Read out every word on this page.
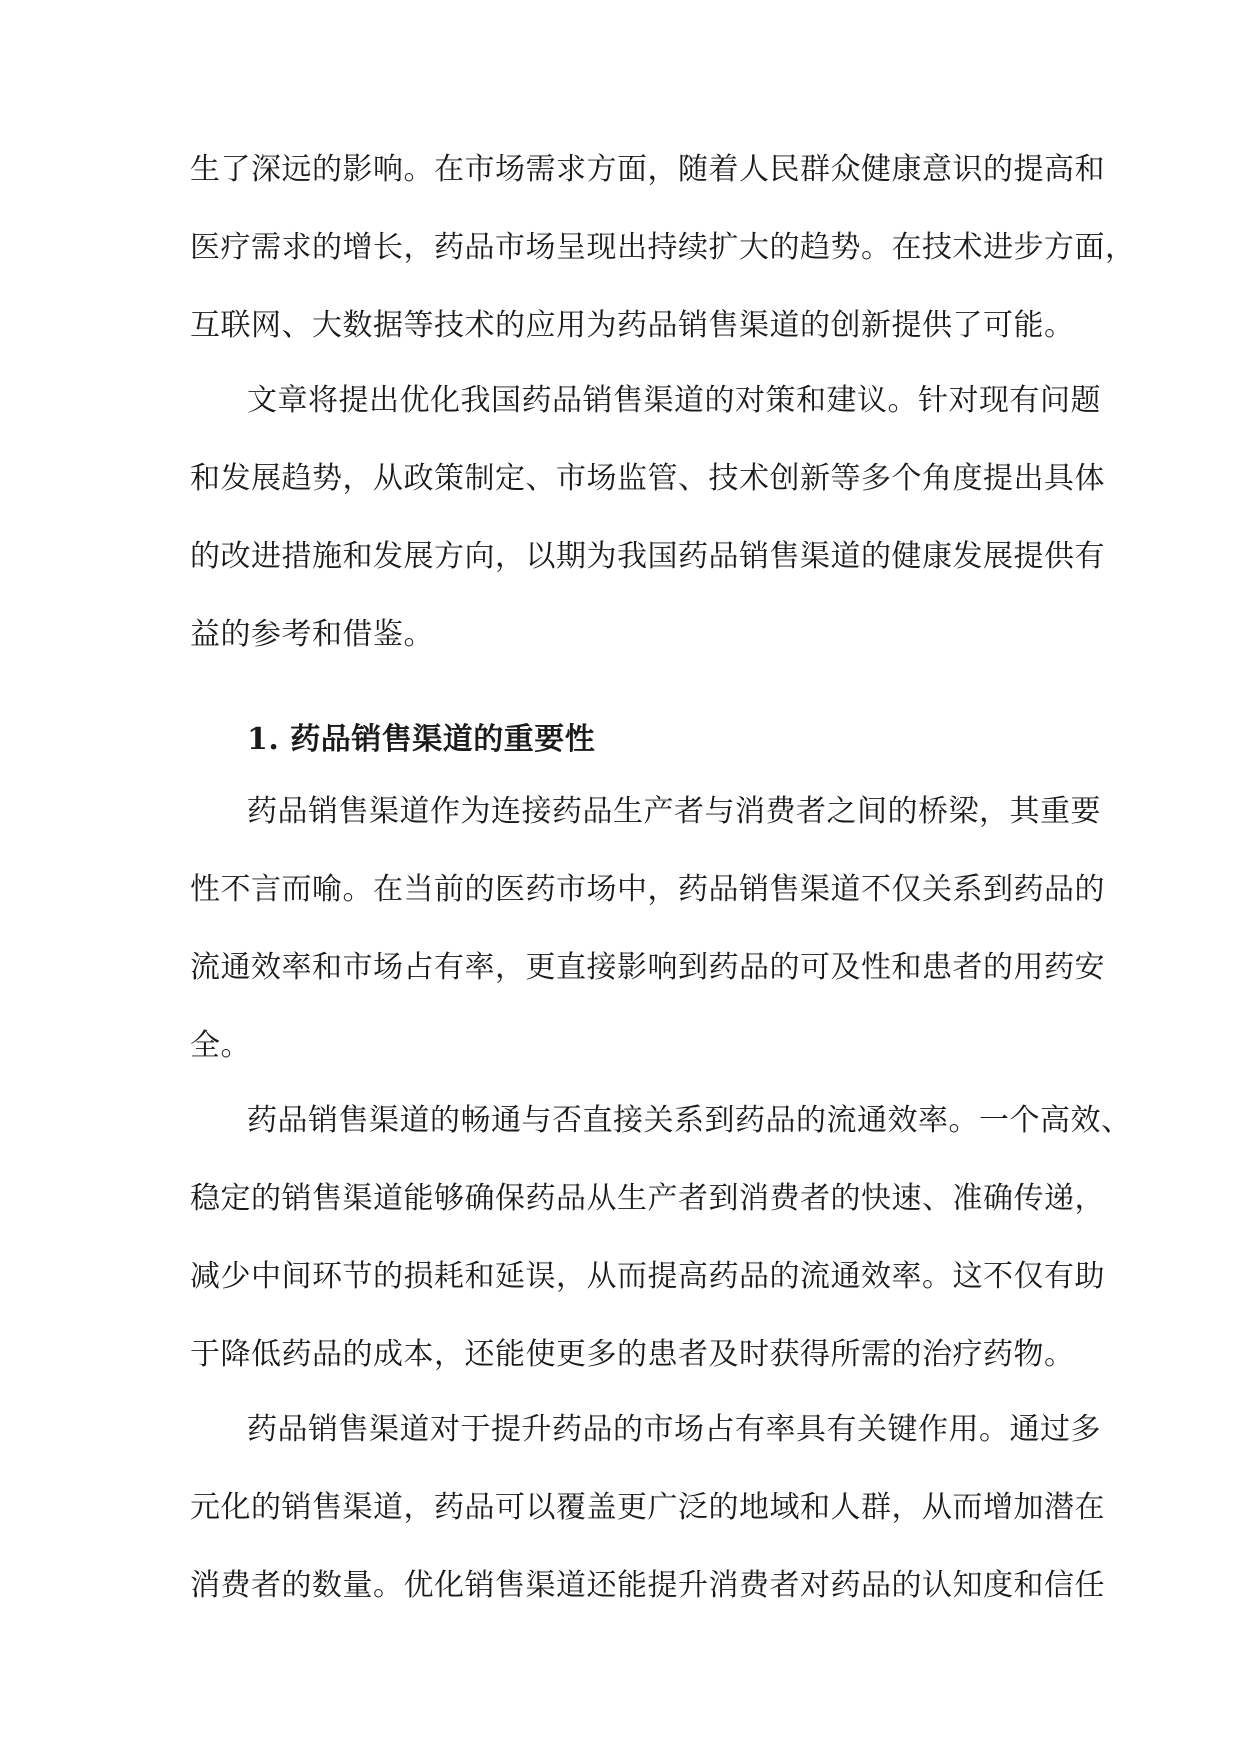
生了深远的影响。在市场需求方面，随着人民群众健康意识的提高和
医疗需求的增长，药品市场呈现出持续扩大的趋势。在技术进步方面，
互联网、大数据等技术的应用为药品销售渠道的创新提供了可能。
文章将提出优化我国药品销售渠道的对策和建议。针对现有问题
和发展趋势，从政策制定、市场监管、技术创新等多个角度提出具体
的改进措施和发展方向，以期为我国药品销售渠道的健康发展提供有
益的参考和借鉴。
1. 药品销售渠道的重要性
药品销售渠道作为连接药品生产者与消费者之间的桥梁，其重要
性不言而喻。在当前的医药市场中，药品销售渠道不仅关系到药品的
流通效率和市场占有率，更直接影响到药品的可及性和患者的用药安
全。
药品销售渠道的畅通与否直接关系到药品的流通效率。一个高效、
稳定的销售渠道能够确保药品从生产者到消费者的快速、准确传递，
减少中间环节的损耗和延误，从而提高药品的流通效率。这不仅有助
于降低药品的成本，还能使更多的患者及时获得所需的治疗药物。
药品销售渠道对于提升药品的市场占有率具有关键作用。通过多
元化的销售渠道，药品可以覆盖更广泛的地域和人群，从而增加潜在
消费者的数量。优化销售渠道还能提升消费者对药品的认知度和信任
